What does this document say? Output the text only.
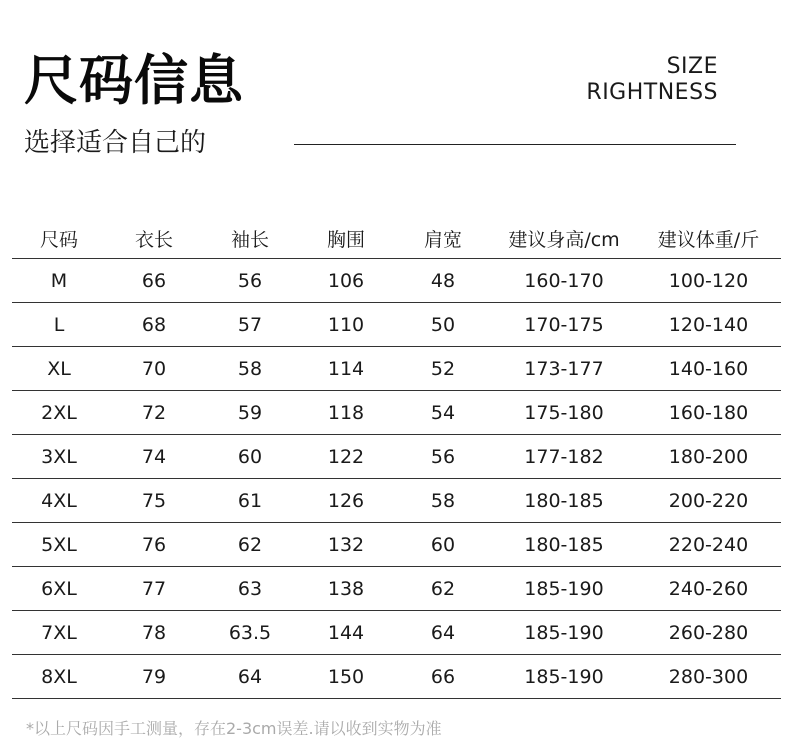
尺码信息
选择适合自己的
SIZE
RIGHTNESS
尺码	衣长	袖长	胸围	肩宽	建议身高/cm	建议体重/斤
M	66	56	106	48	160-170	100-120
L	68	57	110	50	170-175	120-140
XL	70	58	114	52	173-177	140-160
2XL	72	59	118	54	175-180	160-180
3XL	74	60	122	56	177-182	180-200
4XL	75	61	126	58	180-185	200-220
5XL	76	62	132	60	180-185	220-240
6XL	77	63	138	62	185-190	240-260
7XL	78	63.5	144	64	185-190	260-280
8XL	79	64	150	66	185-190	280-300
*以上尺码因手工测量，存在2-3cm误差.请以收到实物为准
